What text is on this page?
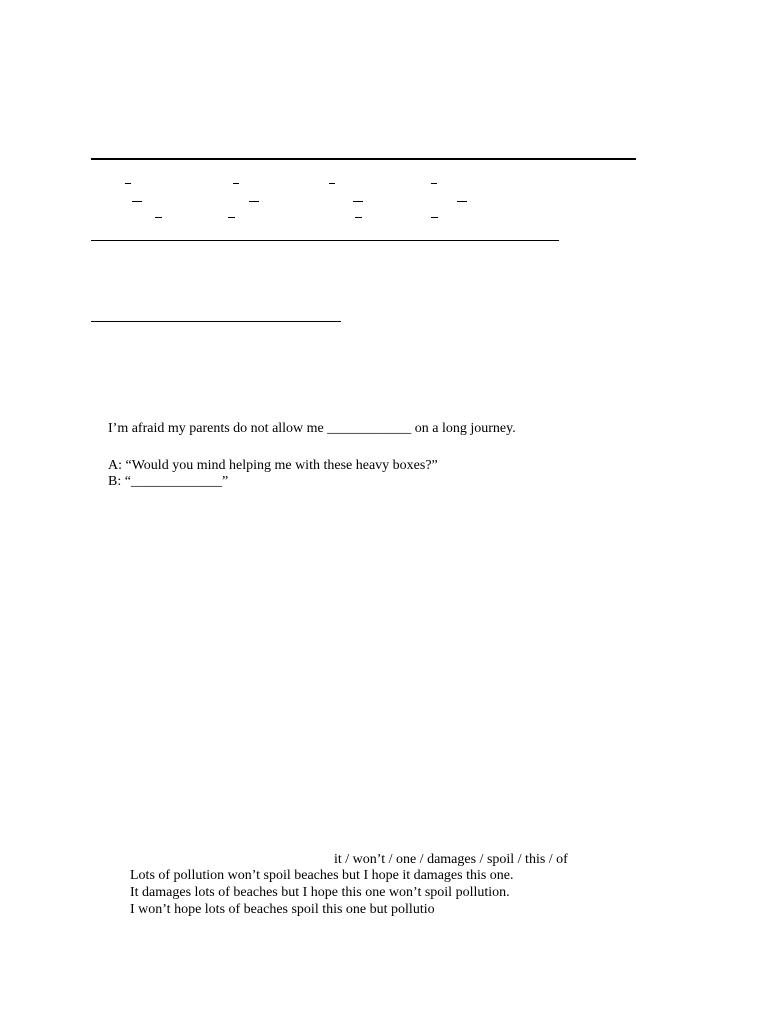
I’m afraid my parents do not allow me ____________ on a long journey.
A: “Would you mind helping me with these heavy boxes?”
B: “_____________”
it / won’t / one / damages / spoil / this / of
Lots of pollution won’t spoil beaches but I hope it damages this one.
It damages lots of beaches but I hope this one won’t spoil pollution.
I won’t hope lots of beaches spoil this one but pollutio
